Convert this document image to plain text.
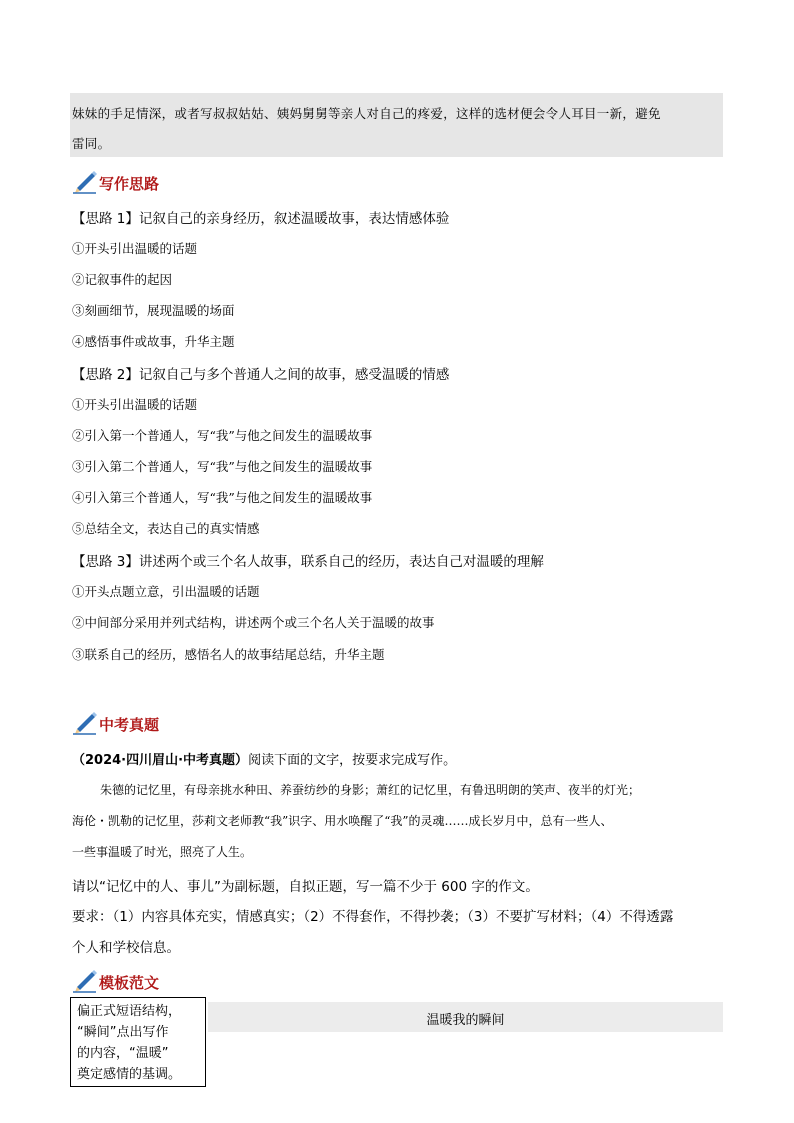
妹妹的手足情深，或者写叔叔姑姑、姨妈舅舅等亲人对自己的疼爱，这样的选材便会令人耳目一新，避免
雷同。
写作思路
【思路 1】记叙自己的亲身经历，叙述温暖故事，表达情感体验
①开头引出温暖的话题
②记叙事件的起因
③刻画细节，展现温暖的场面
④感悟事件或故事，升华主题
【思路 2】记叙自己与多个普通人之间的故事，感受温暖的情感
①开头引出温暖的话题
②引入第一个普通人，写“我”与他之间发生的温暖故事
③引入第二个普通人，写“我”与他之间发生的温暖故事
④引入第三个普通人，写“我”与他之间发生的温暖故事
⑤总结全文，表达自己的真实情感
【思路 3】讲述两个或三个名人故事，联系自己的经历，表达自己对温暖的理解
①开头点题立意，引出温暖的话题
②中间部分采用并列式结构，讲述两个或三个名人关于温暖的故事
③联系自己的经历，感悟名人的故事结尾总结，升华主题
中考真题
（2024·四川眉山·中考真题）阅读下面的文字，按要求完成写作。
朱德的记忆里，有母亲挑水种田、养蚕纺纱的身影；萧红的记忆里，有鲁迅明朗的笑声、夜半的灯光；
海伦・凯勒的记忆里，莎莉文老师教“我”识字、用水唤醒了“我”的灵魂……成长岁月中，总有一些人、
一些事温暖了时光，照亮了人生。
请以“记忆中的人、事儿”为副标题，自拟正题，写一篇不少于 600 字的作文。
要求：（1）内容具体充实，情感真实；（2）不得套作，不得抄袭；（3）不要扩写材料；（4）不得透露
个人和学校信息。
模板范文
温暖我的瞬间
偏正式短语结构，
“瞬间”点出写作
的内容，“温暖”
奠定感情的基调。
